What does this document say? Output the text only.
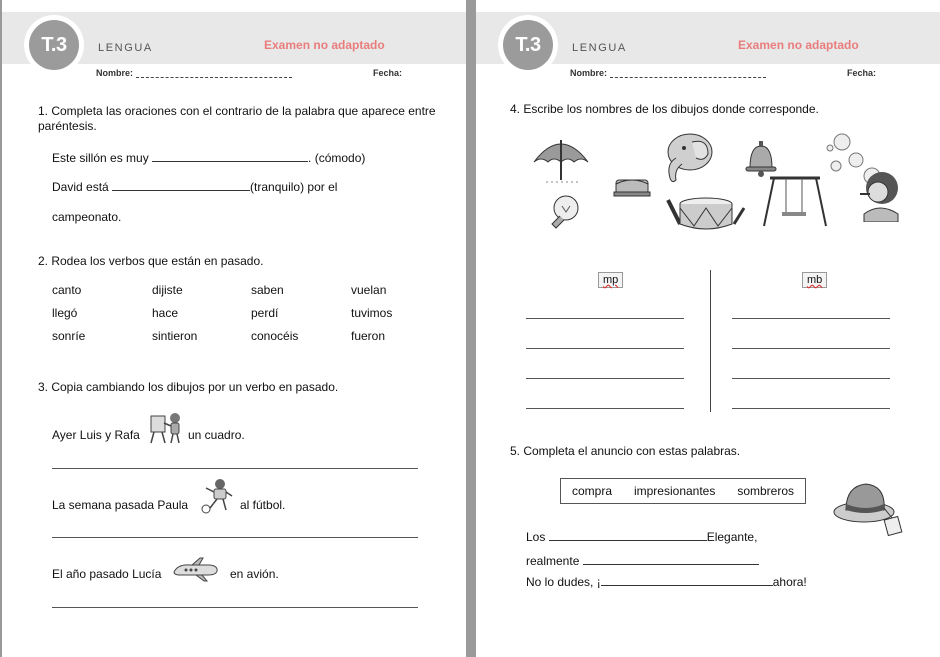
T.3	LENGUA	Examen no adaptado
Nombre:	Fecha:
1. Completa las oraciones con el contrario de la palabra que aparece entre paréntesis.
Este sillón es muy	. (cómodo)
David está	(tranquilo) por el
campeonato.
2. Rodea los verbos que están en pasado.
canto	dijiste	saben	vuelan
llegó	hace	perdí	tuvimos
sonríe	sintieron	conocéis	fueron
3. Copia cambiando los dibujos por un verbo en pasado.
Ayer Luis y Rafa	un cuadro.
La semana pasada Paula	al fútbol.
El año pasado Lucía	en avión.
T.3	LENGUA	Examen no adaptado
Nombre:	Fecha:
4. Escribe los nombres de los dibujos donde corresponde.
mp	mb
5. Completa el anuncio con estas palabras.
compra impresionantes sombreros
Los	Elegante,
realmente
No lo dudes, ¡	ahora!
